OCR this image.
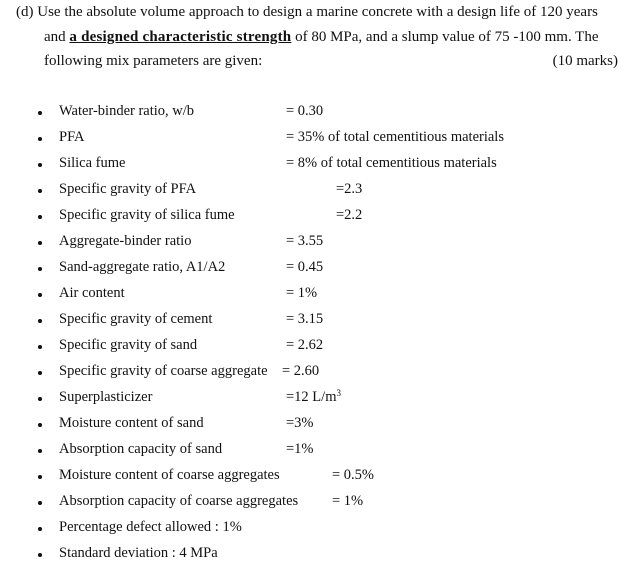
(d) Use the absolute volume approach to design a marine concrete with a design life of 120 years
and a designed characteristic strength of 80 MPa, and a slump value of 75 -100 mm. The
following mix parameters are given:	(10 marks)
Water-binder ratio, w/b	= 0.30
PFA	= 35% of total cementitious materials
Silica fume	= 8% of total cementitious materials
Specific gravity of PFA	=2.3
Specific gravity of silica fume	=2.2
Aggregate-binder ratio	= 3.55
Sand-aggregate ratio, A1/A2	= 0.45
Air content	= 1%
Specific gravity of cement	= 3.15
Specific gravity of sand	= 2.62
Specific gravity of coarse aggregate = 2.60
Superplasticizer	=12 $L/m^3$
Moisture content of sand	=3%
Absorption capacity of sand	=1%
Moisture content of coarse aggregates	= 0.5%
Absorption capacity of coarse aggregates = 1%
Percentage defect allowed : 1%
Standard deviation : 4 MPa
